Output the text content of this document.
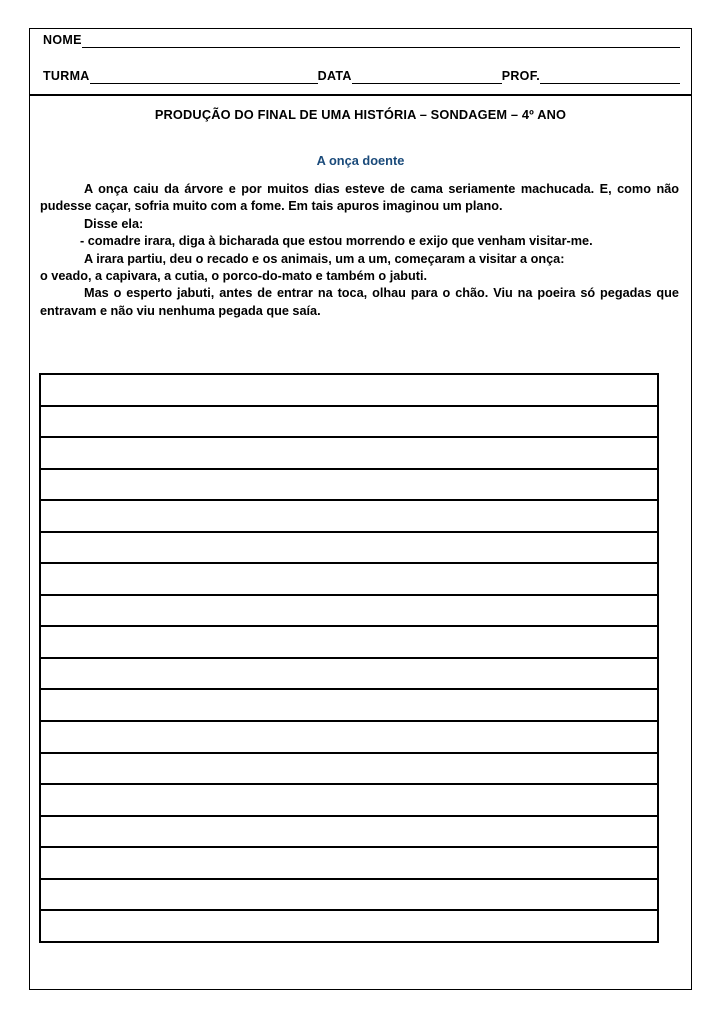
NOME
TURMA	DATA	PROF.
PRODUÇÃO DO FINAL DE UMA HISTÓRIA – SONDAGEM – 4º ANO
A onça doente

A onça caiu da árvore e por muitos dias esteve de cama seriamente machucada. E, como não pudesse caçar, sofria muito com a fome. Em tais apuros imaginou um plano.

Disse ela:

- comadre irara, diga à bicharada que estou morrendo e exijo que venham visitar-me.

A irara partiu, deu o recado e os animais, um a um, começaram a visitar a onça:

o veado, a capivara, a cutia, o porco-do-mato e também o jabuti.

Mas o esperto jabuti, antes de entrar na toca, olhau para o chão. Viu na poeira só pegadas que entravam e não viu nenhuma pegada que saía.
